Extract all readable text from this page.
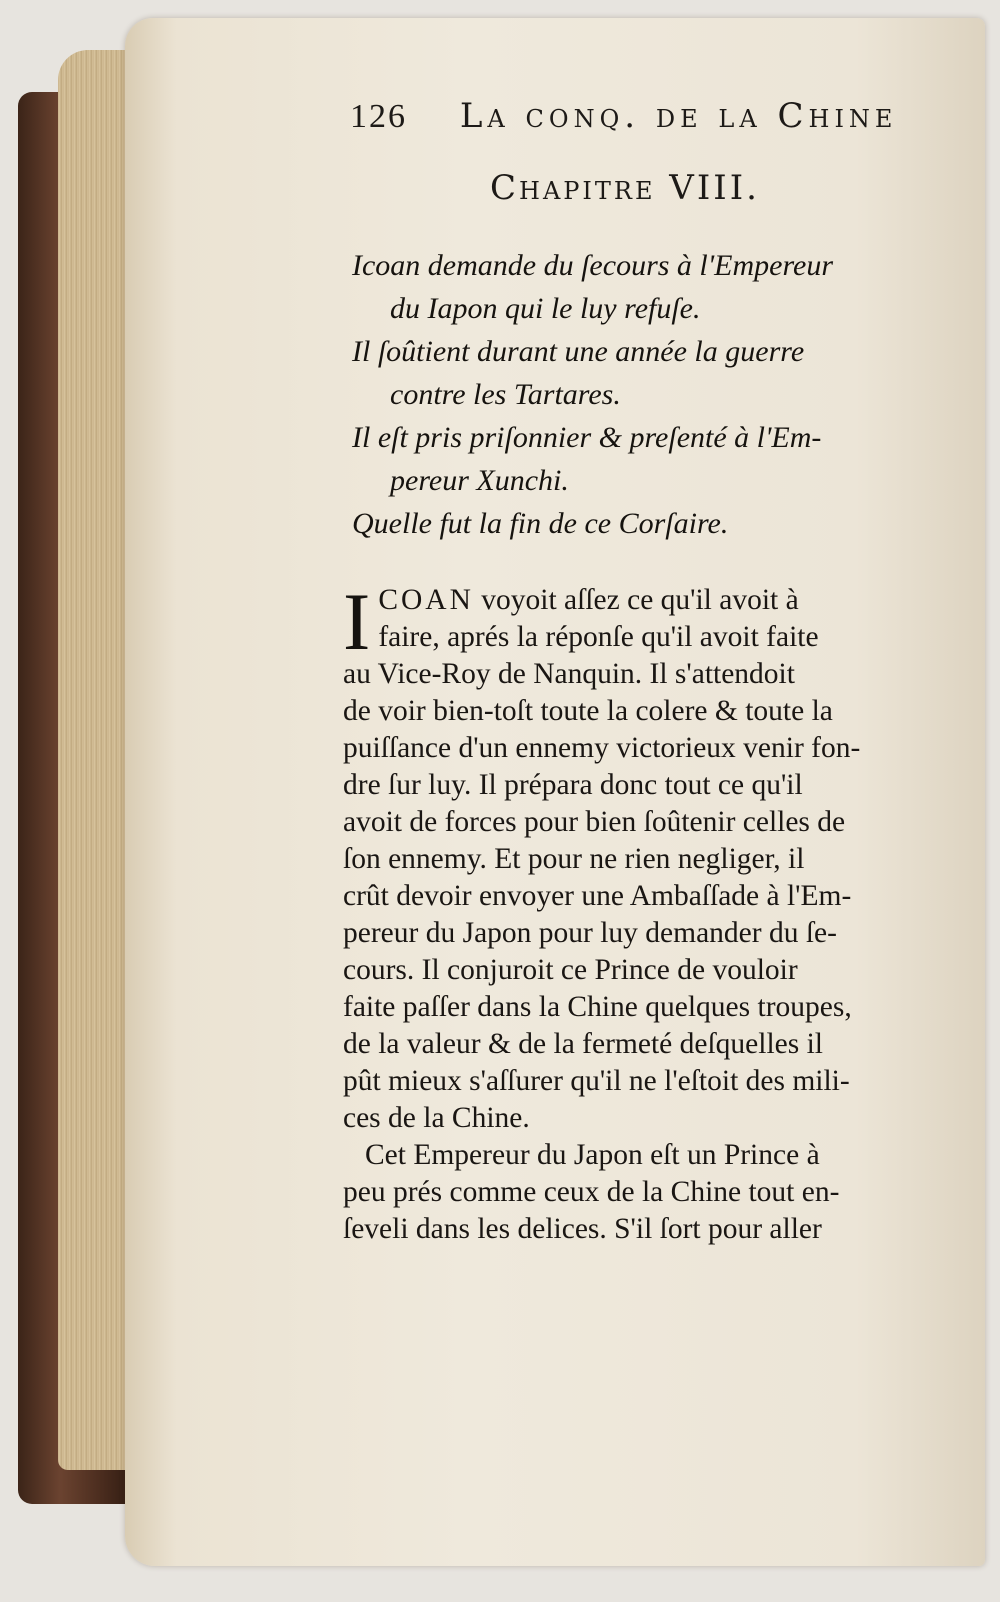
126 La conq. de la Chine
Chapitre VIII.
Icoan demande du ſecours à l'Empereur
du Iapon qui le luy refuſe.
Il ſoûtient durant une année la guerre
contre les Tartares.
Il eſt pris priſonnier & preſenté à l'Em-
pereur Xunchi.
Quelle fut la fin de ce Corſaire.
I COAN voyoit aſſez ce qu'il avoit à
faire, aprés la réponſe qu'il avoit faite
au Vice-Roy de Nanquin. Il s'attendoit
de voir bien-toſt toute la colere & toute la
puiſſance d'un ennemy victorieux venir fon-
dre ſur luy. Il prépara donc tout ce qu'il
avoit de forces pour bien ſoûtenir celles de
ſon ennemy. Et pour ne rien negliger, il
crût devoir envoyer une Ambaſſade à l'Em-
pereur du Japon pour luy demander du ſe-
cours. Il conjuroit ce Prince de vouloir
faite paſſer dans la Chine quelques troupes,
de la valeur & de la fermeté deſquelles il
pût mieux s'aſſurer qu'il ne l'eſtoit des mili-
ces de la Chine.
Cet Empereur du Japon eſt un Prince à
peu prés comme ceux de la Chine tout en-
ſeveli dans les delices. S'il ſort pour aller
